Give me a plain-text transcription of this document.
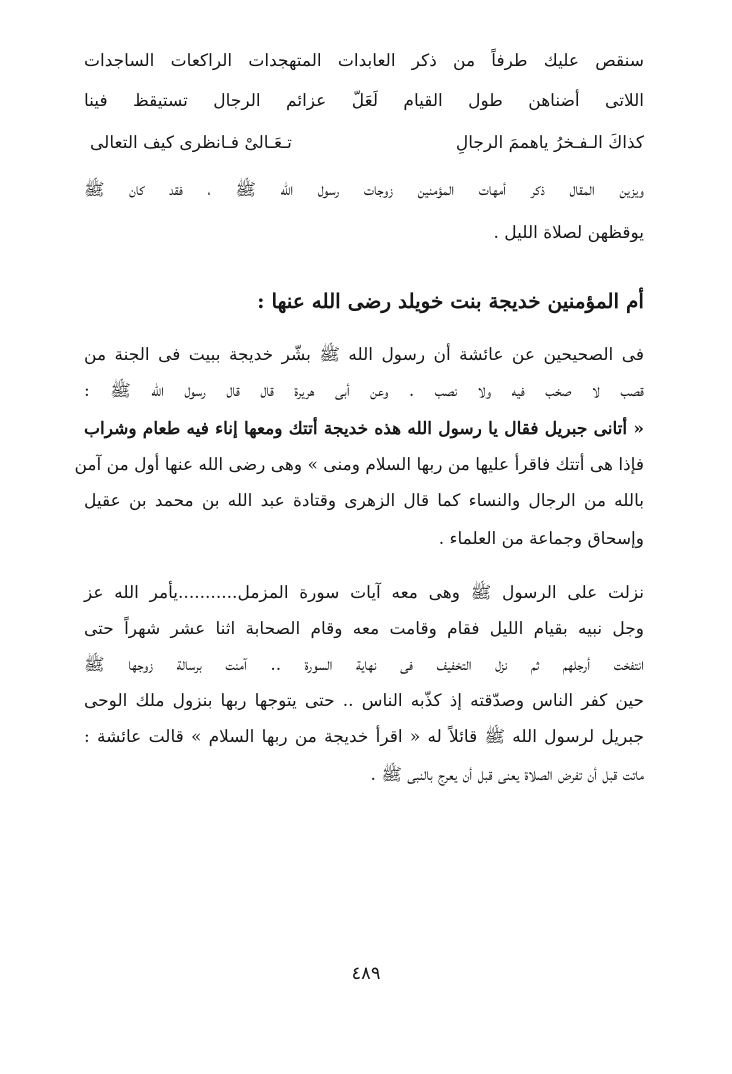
سنقص عليك طرفاً من ذكر العابدات المتهجدات الراكعات الساجدات
اللاتى أضناهن طول القيام لَعَلّ عزائم الرجال تستيقظ فينا
كذاكَ الـفـخرُ ياهممَ الرجالِ
تـعَـالىْ فـانظرى كيف التعالى
ويزين المقال ذكر أمهات المؤمنين زوجات رسول الله ﷺ ، فقد كان ﷺ
يوقظهن لصلاة الليل .
أم المؤمنين خديجة بنت خويلد رضى الله عنها :
فى الصحيحين عن عائشة أن رسول الله ﷺ بشّر خديجة ببيت فى الجنة من
قصب لا صخب فيه ولا نصب . وعن أبى هريرة قال قال رسول الله ﷺ :
« أتانى جبريل فقال يا رسول الله هذه خديجة أتتك ومعها إناء فيه طعام وشراب
فإذا هى أتتك فاقرأ عليها من ربها السلام ومنى » وهى رضى الله عنها أول من آمن
بالله من الرجال والنساء كما قال الزهرى وقتادة عبد الله بن محمد بن عقيل
وإسحاق وجماعة من العلماء .
نزلت على الرسول ﷺ وهى معه آيات سورة المزمل...........يأمر الله عز
وجل نبيه بقيام الليل فقام وقامت معه وقام الصحابة اثنا عشر شهراً حتى
انتفخت أرجلهم ثم نزل التخفيف فى نهاية السورة .. آمنت برسالة زوجها ﷺ
حين كفر الناس وصدّقته إذ كذّبه الناس .. حتى يتوجها ربها بنزول ملك الوحى
جبريل لرسول الله ﷺ قائلاً له « اقرأ خديجة من ربها السلام » قالت عائشة :
ماتت قبل أن تفرض الصلاة يعنى قبل أن يعرج بالنبى ﷺ .
٤٨٩
